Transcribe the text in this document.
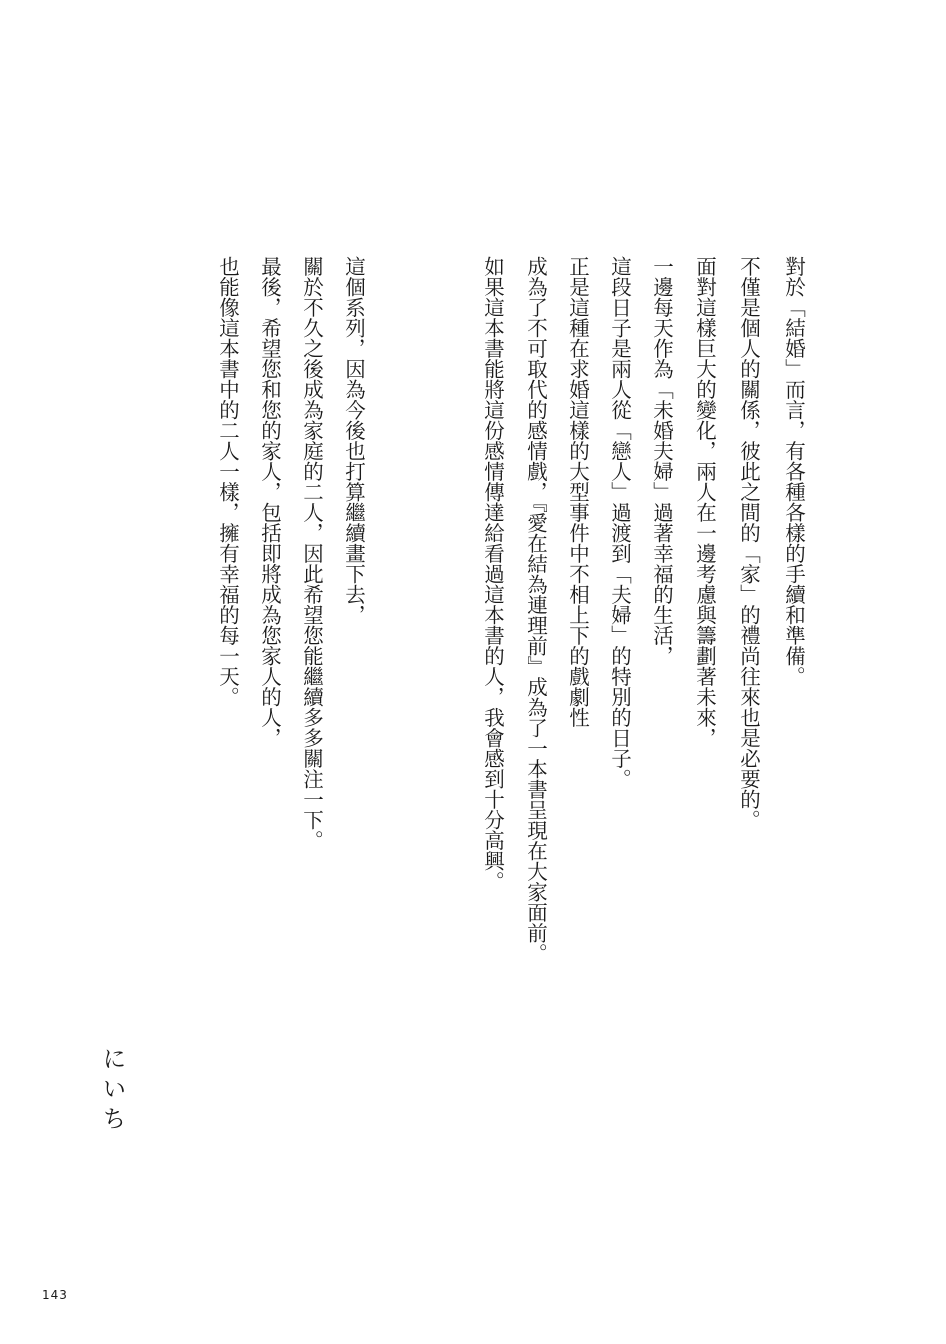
對於「結婚」而言，有各種各樣的手續和準備。
不僅是個人的關係，彼此之間的「家」的禮尚往來也是必要的。
面對這樣巨大的變化，兩人在一邊考慮與籌劃著未來，
一邊每天作為「未婚夫婦」過著幸福的生活，
這段日子是兩人從「戀人」過渡到「夫婦」的特別的日子。
正是這種在求婚這樣的大型事件中不相上下的戲劇性
成為了不可取代的感情戲，『愛在結為連理前』成為了一本書呈現在大家面前。
如果這本書能將這份感情傳達給看過這本書的人，我會感到十分高興。
這個系列，因為今後也打算繼續畫下去，
關於不久之後成為家庭的二人，因此希望您能繼續多多關注一下。
最後，希望您和您的家人，包括即將成為您家人的人，
也能像這本書中的二人一樣，擁有幸福的每一天。
にいち
143
